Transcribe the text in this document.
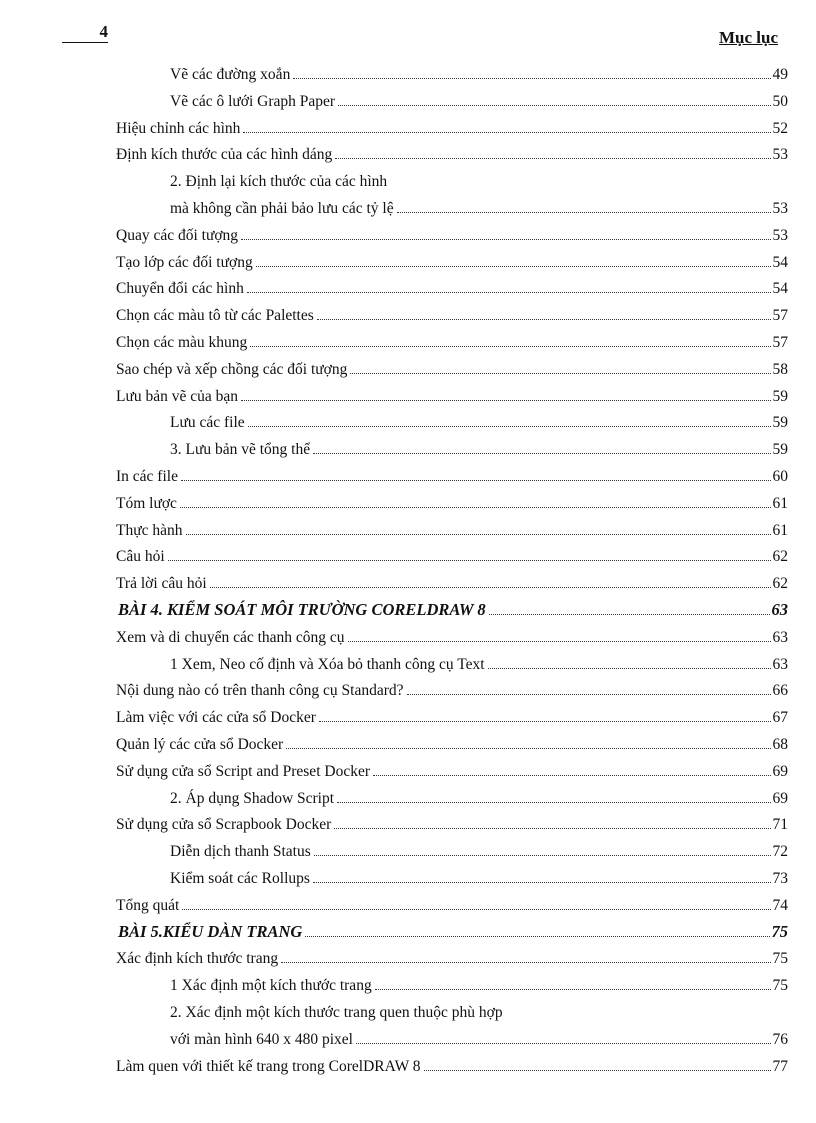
4	Mục lục
Vẽ các đường xoắn	49
Vẽ các ô lưới Graph Paper	50
Hiệu chỉnh các hình	52
Định kích thước của các hình dáng	53
2. Định lại kích thước của các hình
mà không cần phải bảo lưu các tỷ lệ	53
Quay các đối tượng	53
Tạo lớp các đối tượng	54
Chuyển đổi các hình	54
Chọn các màu tô từ các Palettes	57
Chọn các màu khung	57
Sao chép và xếp chồng các đối tượng	58
Lưu bản vẽ của bạn	59
Lưu các file	59
3. Lưu bản vẽ tổng thể	59
In các file	60
Tóm lược	61
Thực hành	61
Câu hỏi	62
Trả lời câu hỏi	62
BÀI 4. KIỂM SOÁT MÔI TRƯỜNG CORELDRAW 8	63
Xem và di chuyển các thanh công cụ	63
1 Xem, Neo cố định và Xóa bỏ thanh công cụ Text	63
Nội dung nào có trên thanh công cụ Standard?	66
Làm việc với các cửa sổ Docker	67
Quản lý các cửa sổ Docker	68
Sử dụng cửa sổ Script and Preset Docker	69
2. Áp dụng Shadow Script	69
Sử dụng cửa sổ Scrapbook Docker	71
Diễn dịch thanh Status	72
Kiểm soát các Rollups	73
Tổng quát	74
BÀI 5.KIỂU DÀN TRANG	75
Xác định kích thước trang	75
1 Xác định một kích thước trang	75
2. Xác định một kích thước trang quen thuộc phù hợp
với màn hình 640 x 480 pixel	76
Làm quen với thiết kế trang trong CorelDRAW 8	77
